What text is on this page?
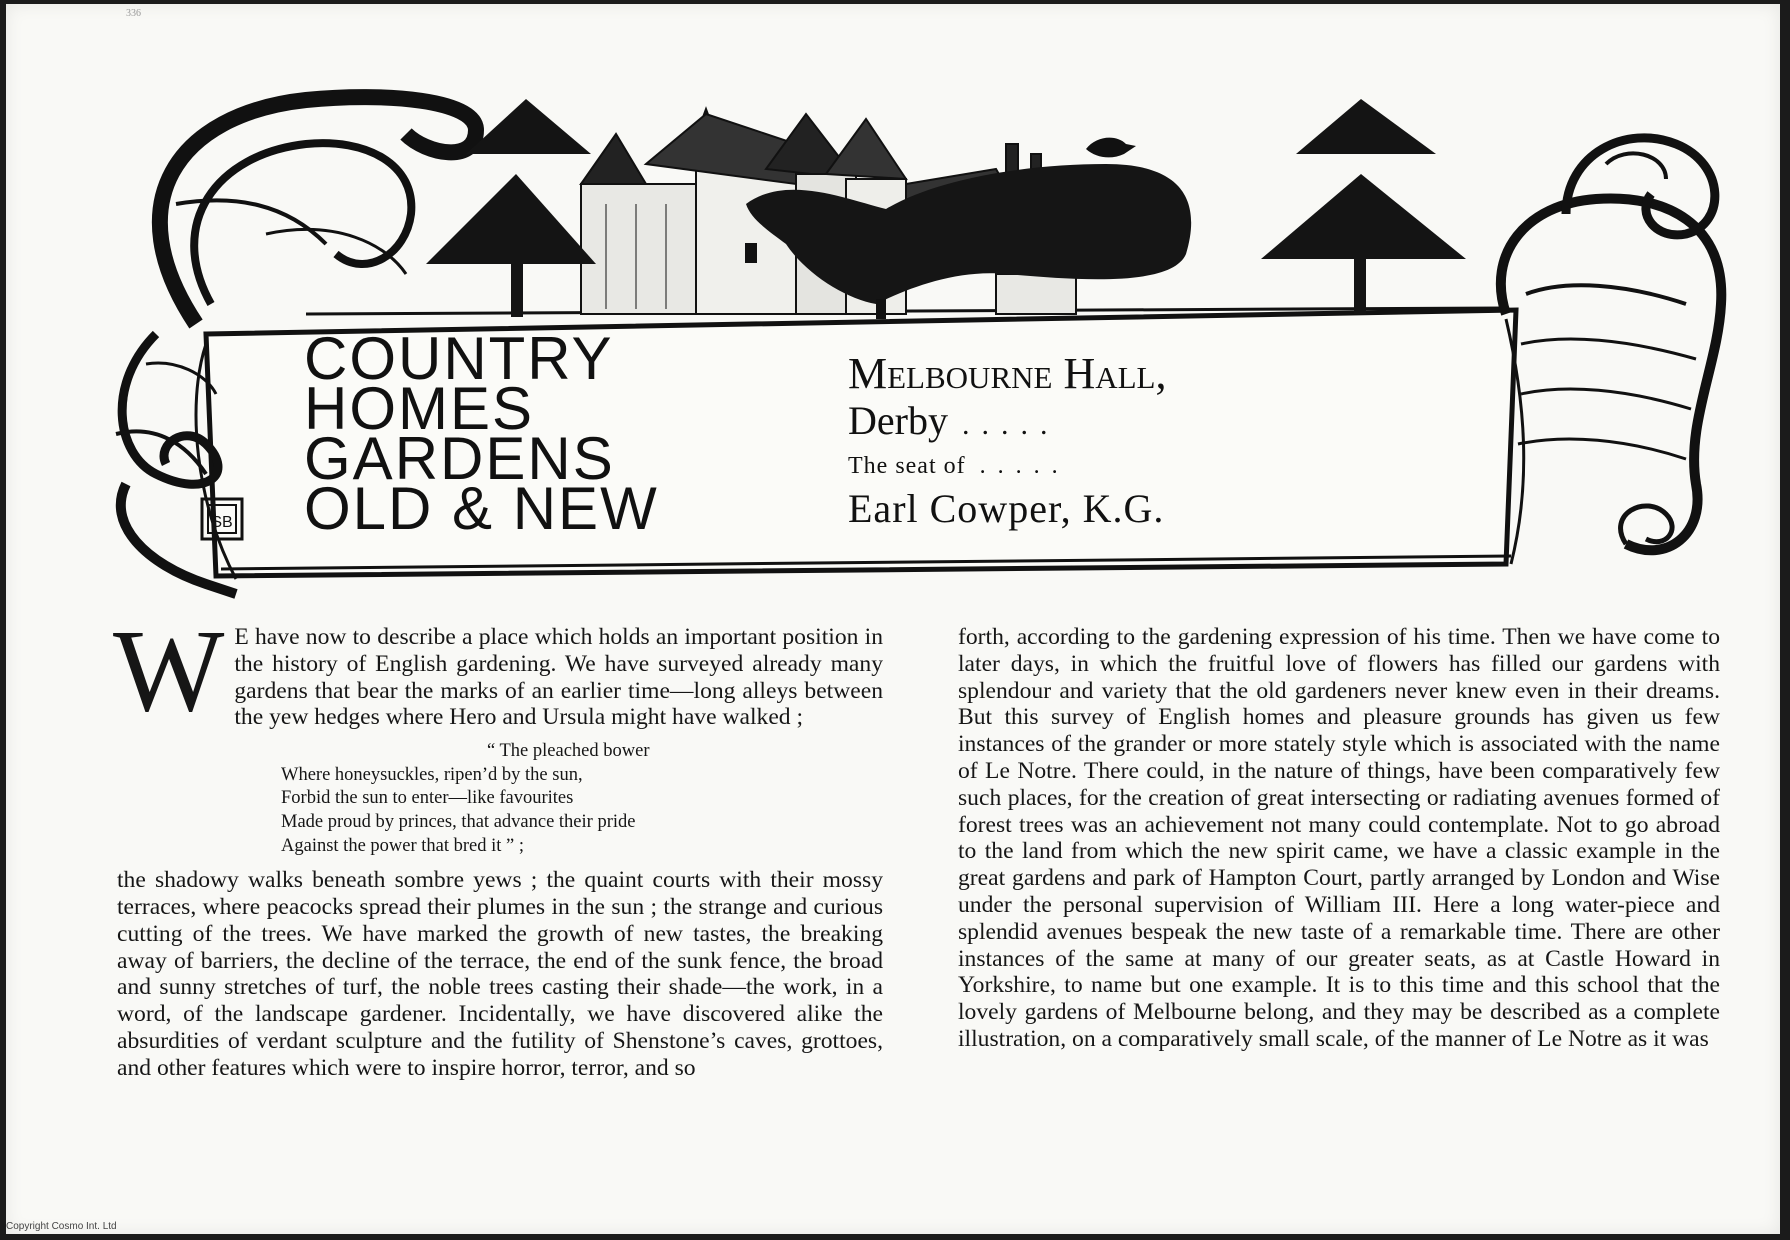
336
SB
COUNTRY
HOMES
GARDENS
OLD & NEW
Melbourne Hall,
Derby .....
The seat of .....
Earl Cowper, K.G.

W E have now to describe a place which holds an important position in the history of English gardening. We have surveyed already many gardens that bear the marks of an earlier time—long alleys between the yew hedges where Hero and Ursula might have walked ;

“ The pleached bower
Where honeysuckles, ripen’d by the sun,
Forbid the sun to enter—like favourites
Made proud by princes, that advance their pride
Against the power that bred it ” ;

the shadowy walks beneath sombre yews ; the quaint courts with their mossy terraces, where peacocks spread their plumes in the sun ; the strange and curious cutting of the trees. We have marked the growth of new tastes, the breaking away of barriers, the decline of the terrace, the end of the sunk fence, the broad and sunny stretches of turf, the noble trees casting their shade—the work, in a word, of the landscape gardener. Incidentally, we have discovered alike the absurdities of verdant sculpture and the futility of Shenstone’s caves, grottoes, and other features which were to inspire horror, terror, and so

forth, according to the gardening expression of his time. Then we have come to later days, in which the fruitful love of flowers has filled our gardens with splendour and variety that the old gardeners never knew even in their dreams. But this survey of English homes and pleasure grounds has given us few instances of the grander or more stately style which is associated with the name of Le Notre. There could, in the nature of things, have been comparatively few such places, for the creation of great intersecting or radiating avenues formed of forest trees was an achievement not many could contemplate. Not to go abroad to the land from which the new spirit came, we have a classic example in the great gardens and park of Hampton Court, partly arranged by London and Wise under the personal supervision of William III. Here a long water-piece and splendid avenues bespeak the new taste of a remarkable time. There are other instances of the same at many of our greater seats, as at Castle Howard in Yorkshire, to name but one example. It is to this time and this school that the lovely gardens of Melbourne belong, and they may be described as a complete illustration, on a comparatively small scale, of the manner of Le Notre as it was

Copyright Cosmo Int. Ltd
